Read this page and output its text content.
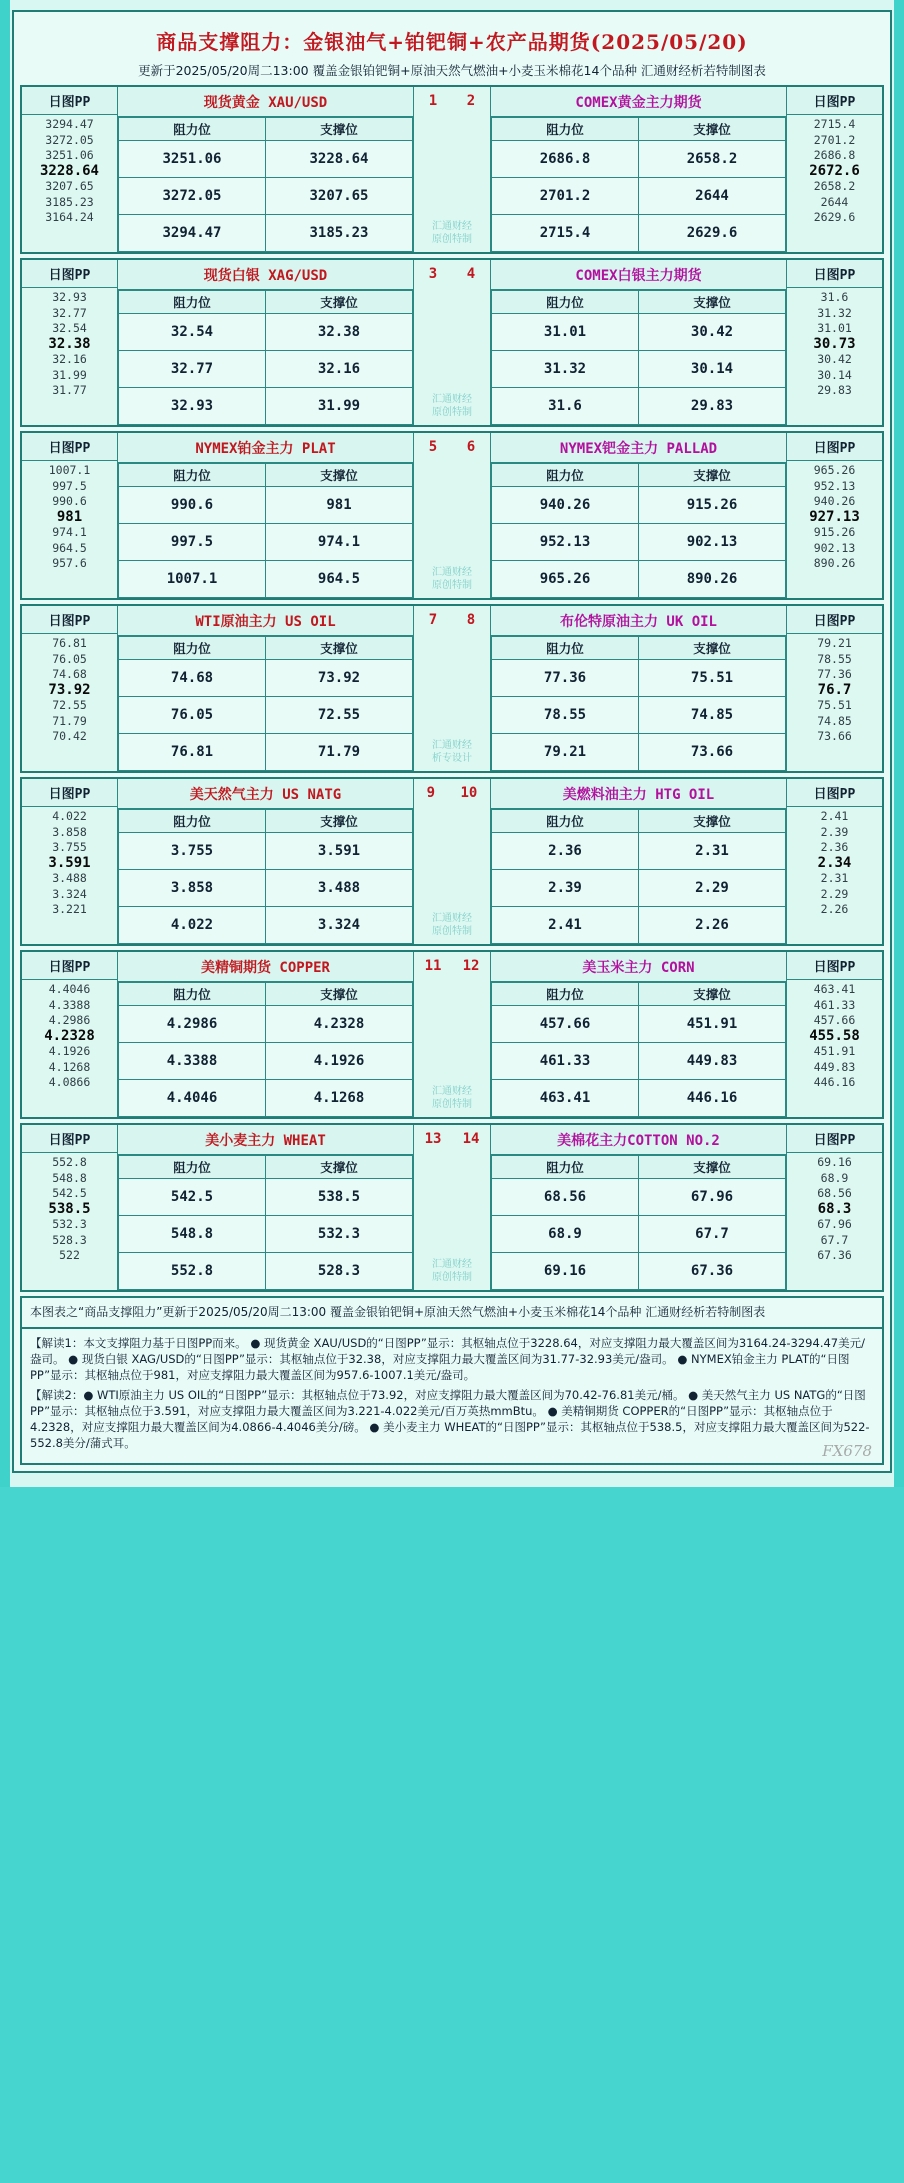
商品支撑阻力：金银油气+铂钯铜+农产品期货(2025/05/20)
更新于2025/05/20周二13:00 覆盖金银铂钯铜+原油天然气燃油+小麦玉米棉花14个品种 汇通财经析若特制图表
日图PP
3294.47
3272.05
3251.06
3228.64
3207.65
3185.23
3164.24
现货黄金 XAU/USD
阻力位	支撑位
3251.06	3228.64
3272.05	3207.65
3294.47	3185.23
1 2
汇通财经
原创特制
COMEX黄金主力期货
阻力位	支撑位
2686.8	2658.2
2701.2	2644
2715.4	2629.6
日图PP
2715.4
2701.2
2686.8
2672.6
2658.2
2644
2629.6
日图PP
32.93
32.77
32.54
32.38
32.16
31.99
31.77
现货白银 XAG/USD
阻力位	支撑位
32.54	32.38
32.77	32.16
32.93	31.99
3 4
汇通财经
原创特制
COMEX白银主力期货
阻力位	支撑位
31.01	30.42
31.32	30.14
31.6	29.83
日图PP
31.6
31.32
31.01
30.73
30.42
30.14
29.83
日图PP
1007.1
997.5
990.6
981
974.1
964.5
957.6
NYMEX铂金主力 PLAT
阻力位	支撑位
990.6	981
997.5	974.1
1007.1	964.5
5 6
汇通财经
原创特制
NYMEX钯金主力 PALLAD
阻力位	支撑位
940.26	915.26
952.13	902.13
965.26	890.26
日图PP
965.26
952.13
940.26
927.13
915.26
902.13
890.26
日图PP
76.81
76.05
74.68
73.92
72.55
71.79
70.42
WTI原油主力 US OIL
阻力位	支撑位
74.68	73.92
76.05	72.55
76.81	71.79
7 8
汇通财经
析专设计
布伦特原油主力 UK OIL
阻力位	支撑位
77.36	75.51
78.55	74.85
79.21	73.66
日图PP
79.21
78.55
77.36
76.7
75.51
74.85
73.66
日图PP
4.022
3.858
3.755
3.591
3.488
3.324
3.221
美天然气主力 US NATG
阻力位	支撑位
3.755	3.591
3.858	3.488
4.022	3.324
9 10
汇通财经
原创特制
美燃料油主力 HTG OIL
阻力位	支撑位
2.36	2.31
2.39	2.29
2.41	2.26
日图PP
2.41
2.39
2.36
2.34
2.31
2.29
2.26
日图PP
4.4046
4.3388
4.2986
4.2328
4.1926
4.1268
4.0866
美精铜期货 COPPER
阻力位	支撑位
4.2986	4.2328
4.3388	4.1926
4.4046	4.1268
11 12
汇通财经
原创特制
美玉米主力 CORN
阻力位	支撑位
457.66	451.91
461.33	449.83
463.41	446.16
日图PP
463.41
461.33
457.66
455.58
451.91
449.83
446.16
日图PP
552.8
548.8
542.5
538.5
532.3
528.3
522
美小麦主力 WHEAT
阻力位	支撑位
542.5	538.5
548.8	532.3
552.8	528.3
13 14
汇通财经
原创特制
美棉花主力COTTON NO.2
阻力位	支撑位
68.56	67.96
68.9	67.7
69.16	67.36
日图PP
69.16
68.9
68.56
68.3
67.96
67.7
67.36
本图表之“商品支撑阻力”更新于2025/05/20周二13:00 覆盖金银铂钯铜+原油天然气燃油+小麦玉米棉花14个品种 汇通财经析若特制图表

【解读1：本文支撑阻力基于日图PP而来。 ● 现货黄金 XAU/USD的“日图PP”显示：其枢轴点位于3228.64，对应支撑阻力最大覆盖区间为3164.24-3294.47美元/盎司。 ● 现货白银 XAG/USD的“日图PP”显示：其枢轴点位于32.38，对应支撑阻力最大覆盖区间为31.77-32.93美元/盎司。 ● NYMEX铂金主力 PLAT的“日图PP”显示：其枢轴点位于981，对应支撑阻力最大覆盖区间为957.6-1007.1美元/盎司。

【解读2：● WTI原油主力 US OIL的“日图PP”显示：其枢轴点位于73.92，对应支撑阻力最大覆盖区间为70.42-76.81美元/桶。 ● 美天然气主力 US NATG的“日图PP”显示：其枢轴点位于3.591，对应支撑阻力最大覆盖区间为3.221-4.022美元/百万英热mmBtu。 ● 美精铜期货 COPPER的“日图PP”显示：其枢轴点位于4.2328，对应支撑阻力最大覆盖区间为4.0866-4.4046美分/磅。 ● 美小麦主力 WHEAT的“日图PP”显示：其枢轴点位于538.5，对应支撑阻力最大覆盖区间为522-552.8美分/蒲式耳。	FX678
